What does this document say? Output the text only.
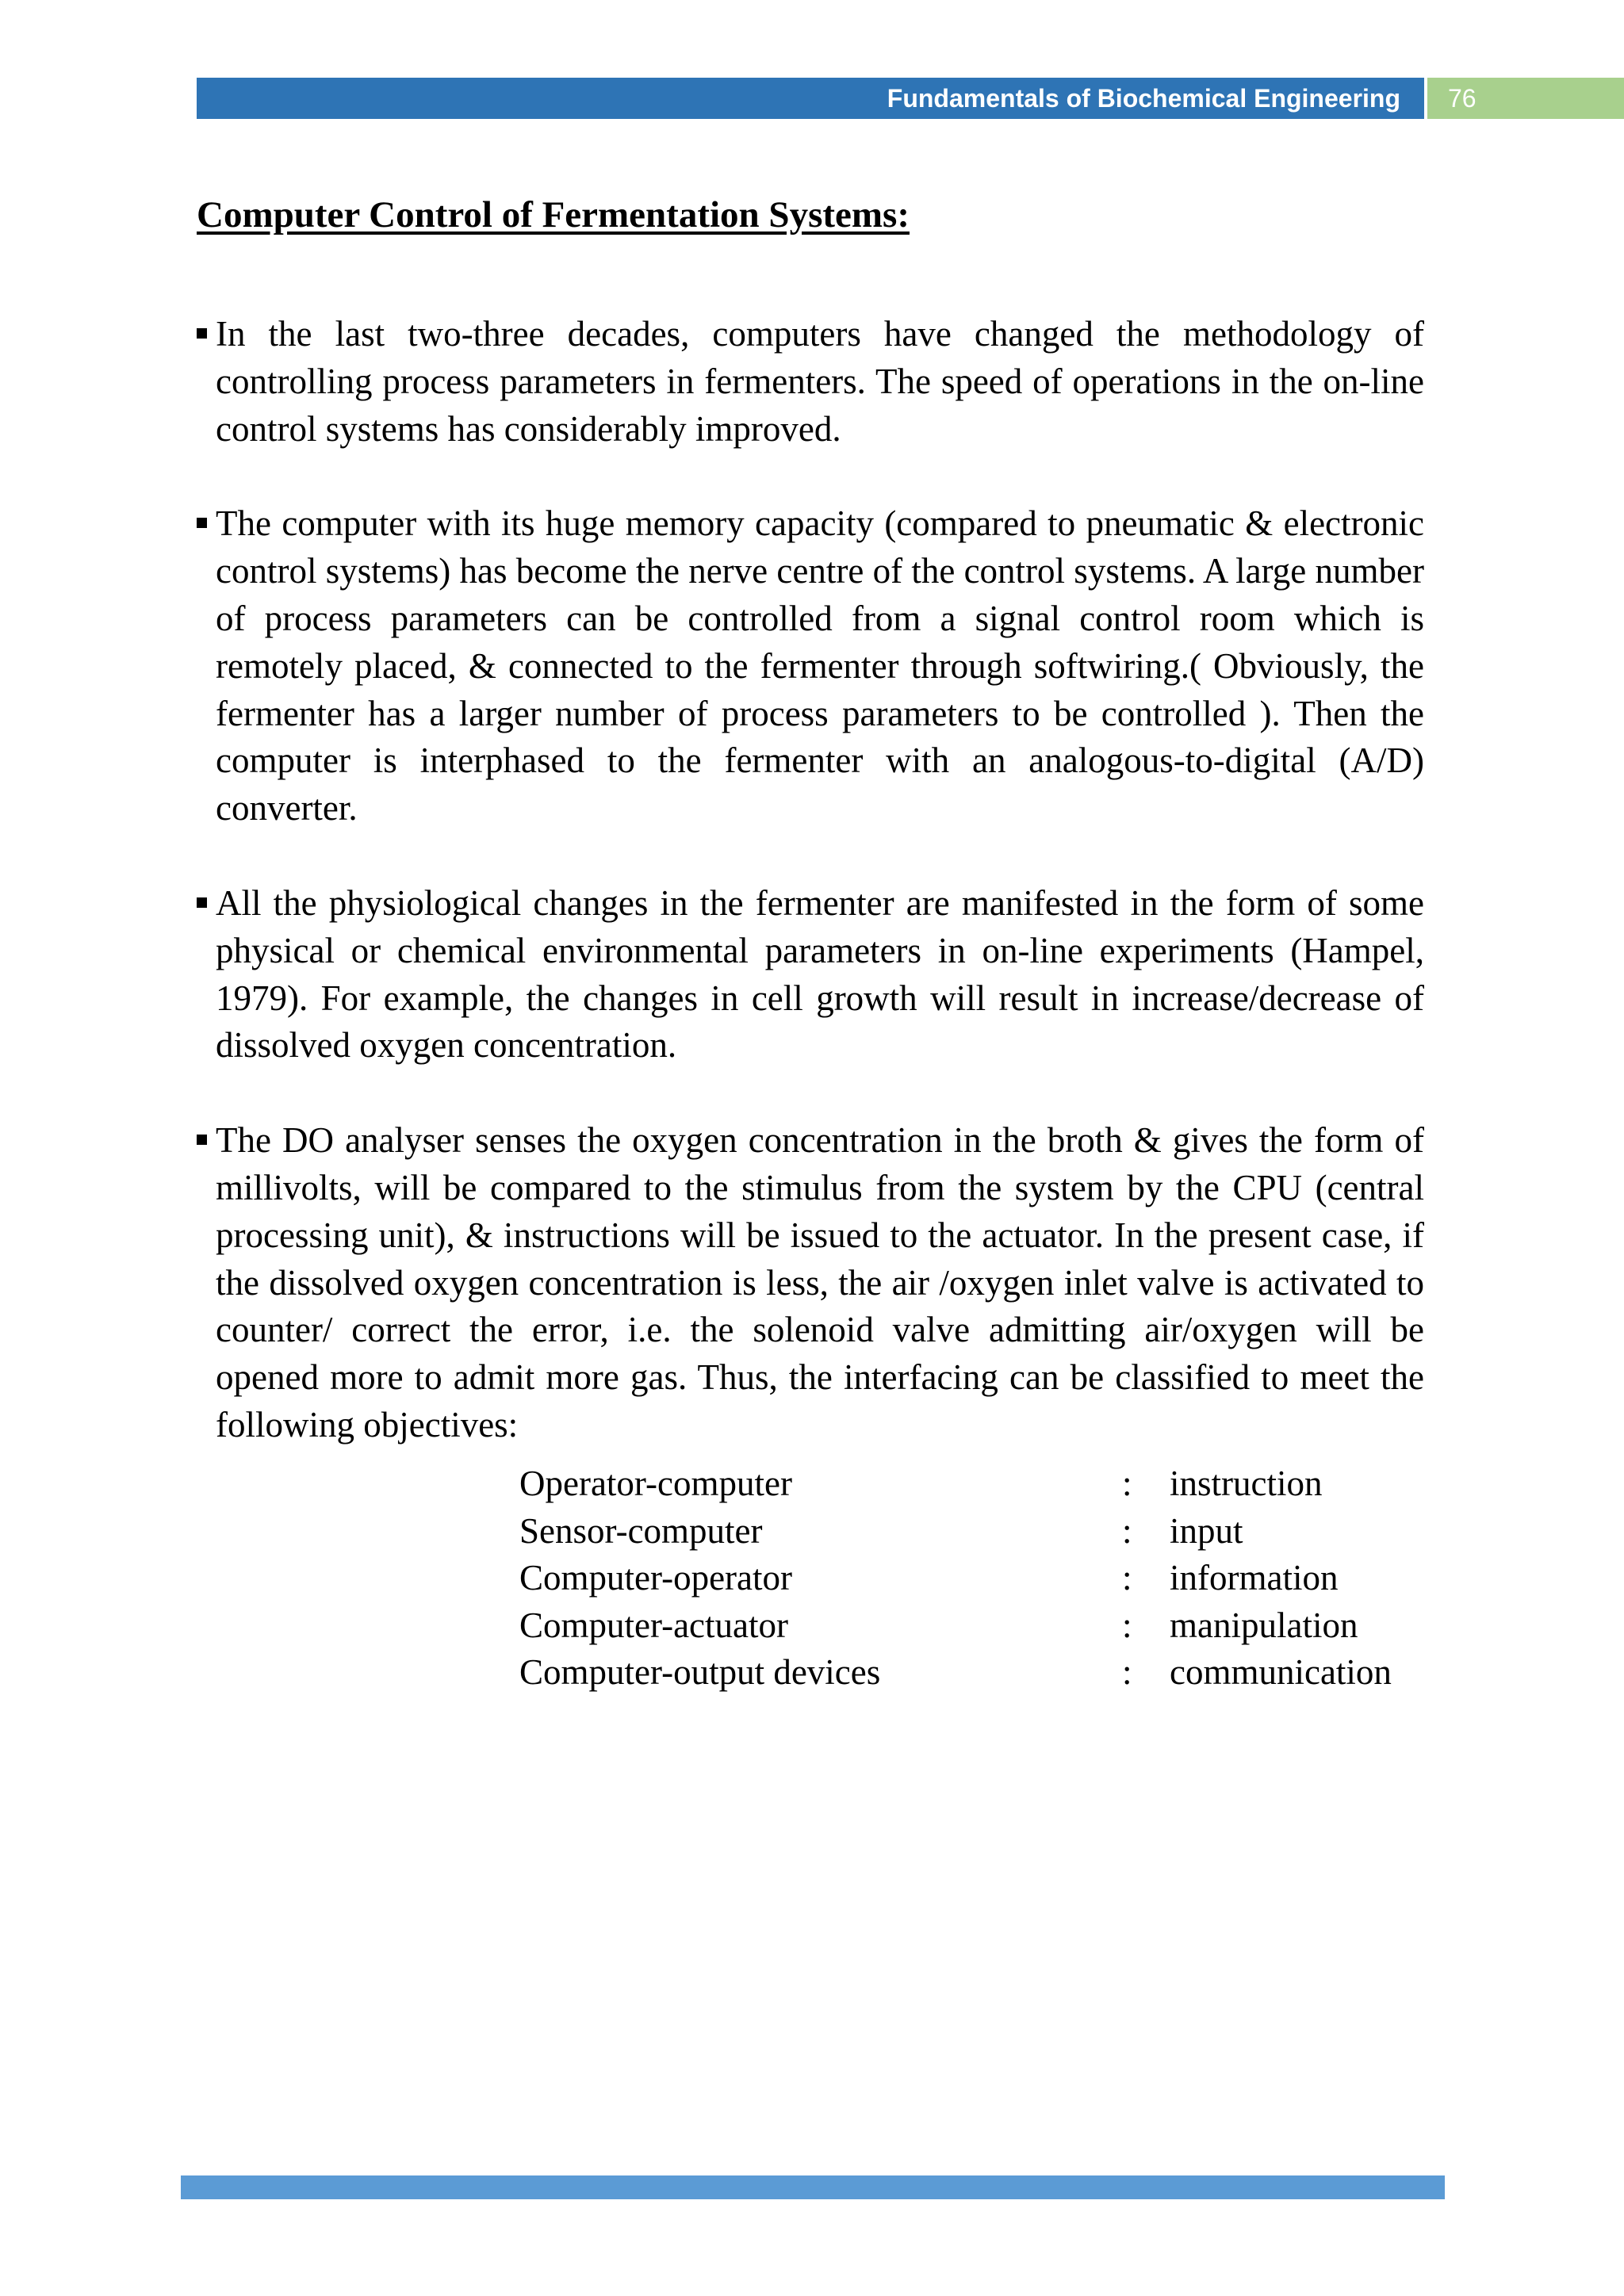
Fundamentals of Biochemical Engineering 76
Computer Control of Fermentation Systems:
In the last two-three decades, computers have changed the methodology of controlling process parameters in fermenters. The speed of operations in the on-line control systems has considerably improved.
The computer with its huge memory capacity (compared to pneumatic & electronic control systems) has become the nerve centre of the control systems. A large number of process parameters can be controlled from a signal control room which is remotely placed, & connected to the fermenter through softwiring.( Obviously, the fermenter has a larger number of process parameters to be controlled ). Then the computer is interphased to the fermenter with an analogous-to-digital (A/D) converter.
All the physiological changes in the fermenter are manifested in the form of some physical or chemical environmental parameters in on-line experiments (Hampel, 1979). For example, the changes in cell growth will result in increase/decrease of dissolved oxygen concentration.
The DO analyser senses the oxygen concentration in the broth & gives the form of millivolts, will be compared to the stimulus from the system by the CPU (central processing unit), & instructions will be issued to the actuator. In the present case, if the dissolved oxygen concentration is less, the air /oxygen inlet valve is activated to counter/ correct the error, i.e. the solenoid valve admitting air/oxygen will be opened more to admit more gas. Thus, the interfacing can be classified to meet the following objectives:
Operator-computer	: instruction
Sensor-computer	: input
Computer-operator	: information
Computer-actuator	: manipulation
Computer-output devices	: communication
